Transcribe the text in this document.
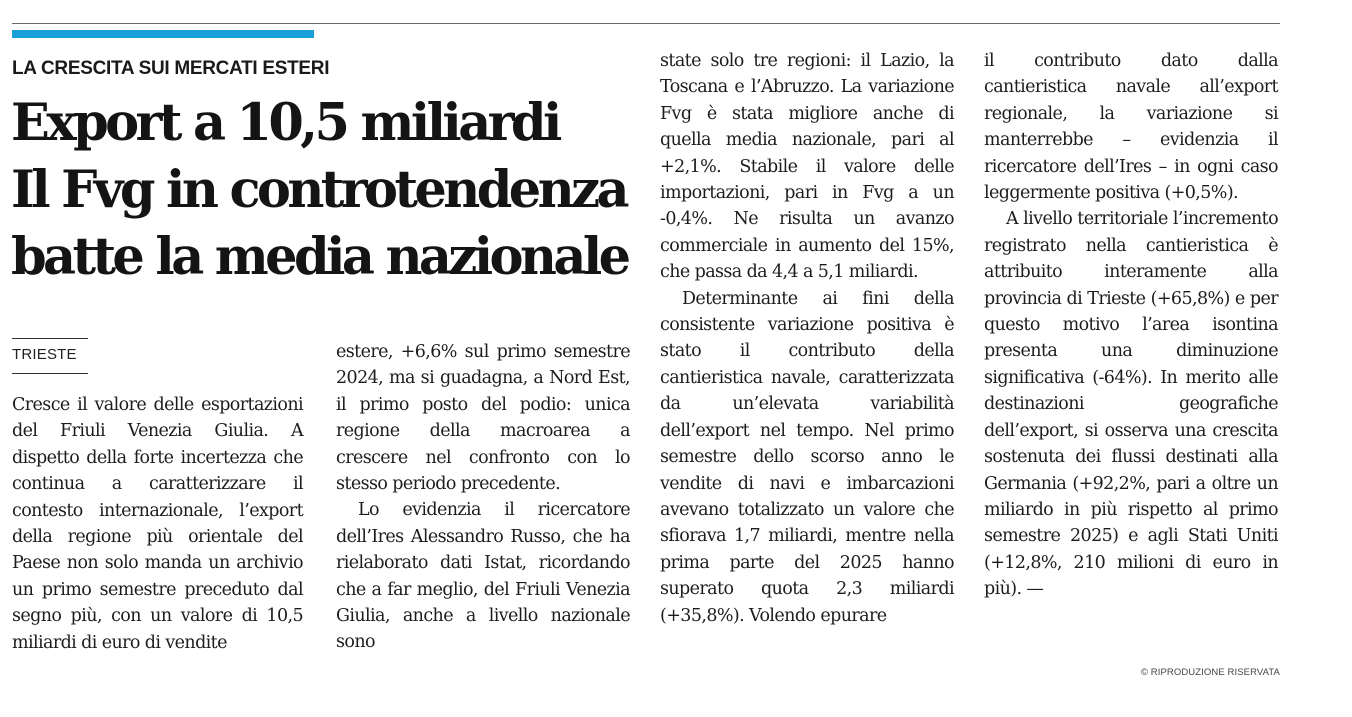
LA CRESCITA SUI MERCATI ESTERI
Export a 10,5 miliardi
Il Fvg in controtendenza
batte la media nazionale
TRIESTE

Cresce il valore delle esportazioni del Friuli Venezia Giulia. A dispetto della forte incertezza che continua a caratterizzare il contesto internazionale, l’export della regione più orientale del Paese non solo manda un archivio un primo semestre preceduto dal segno più, con un valore di 10,5 miliardi di euro di vendite

estere, +6,6% sul primo semestre 2024, ma si guadagna, a Nord Est, il primo posto del podio: unica regione della macroarea a crescere nel confronto con lo stesso periodo precedente.

Lo evidenzia il ricercatore dell’Ires Alessandro Russo, che ha rielaborato dati Istat, ricordando che a far meglio, del Friuli Venezia Giulia, anche a livello nazionale sono

state solo tre regioni: il Lazio, la Toscana e l’Abruzzo. La variazione Fvg è stata migliore anche di quella media nazionale, pari al +2,1%. Stabile il valore delle importazioni, pari in Fvg a un -0,4%. Ne risulta un avanzo commerciale in aumento del 15%, che passa da 4,4 a 5,1 miliardi.

Determinante ai fini della consistente variazione positiva è stato il contributo della cantieristica navale, caratterizzata da un’elevata variabilità dell’export nel tempo. Nel primo semestre dello scorso anno le vendite di navi e imbarcazioni avevano totalizzato un valore che sfiorava 1,7 miliardi, mentre nella prima parte del 2025 hanno superato quota 2,3 miliardi (+35,8%). Volendo epurare

il contributo dato dalla cantieristica navale all’export regionale, la variazione si manterrebbe – evidenzia il ricercatore dell’Ires – in ogni caso leggermente positiva (+0,5%).

A livello territoriale l’incremento registrato nella cantieristica è attribuito interamente alla provincia di Trieste (+65,8%) e per questo motivo l’area isontina presenta una diminuzione significativa (-64%). In merito alle destinazioni geografiche dell’export, si osserva una crescita sostenuta dei flussi destinati alla Germania (+92,2%, pari a oltre un miliardo in più rispetto al primo semestre 2025) e agli Stati Uniti (+12,8%, 210 milioni di euro in più). —

© RIPRODUZIONE RISERVATA
